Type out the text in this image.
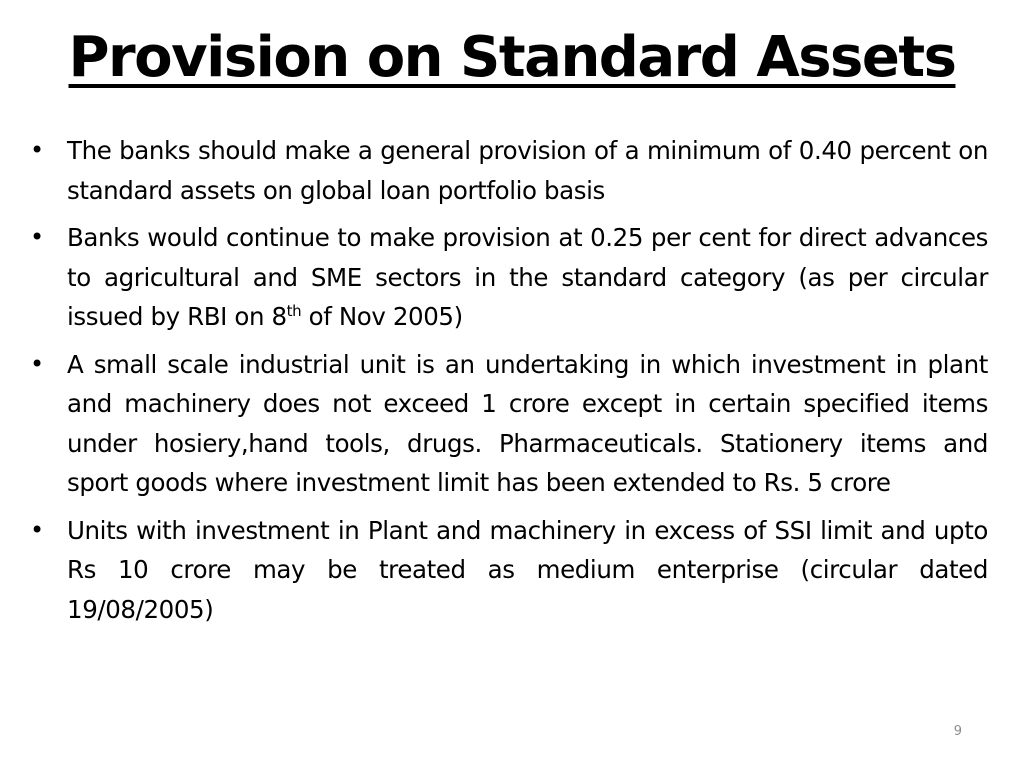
Provision on Standard Assets
• The banks should make a general provision of a minimum of 0.40 percent on standard assets on global loan portfolio basis
• Banks would continue to make provision at 0.25 per cent for direct advances to agricultural and SME sectors in the standard category (as per circular issued by RBI on 8th of Nov 2005)
• A small scale industrial unit is an undertaking in which investment in plant and machinery does not exceed 1 crore except in certain specified items under hosiery,hand tools, drugs. Pharmaceuticals. Stationery items and sport goods where investment limit has been extended to Rs. 5 crore
• Units with investment in Plant and machinery in excess of SSI limit and upto Rs 10 crore may be treated as medium enterprise (circular dated 19/08/2005)
9
